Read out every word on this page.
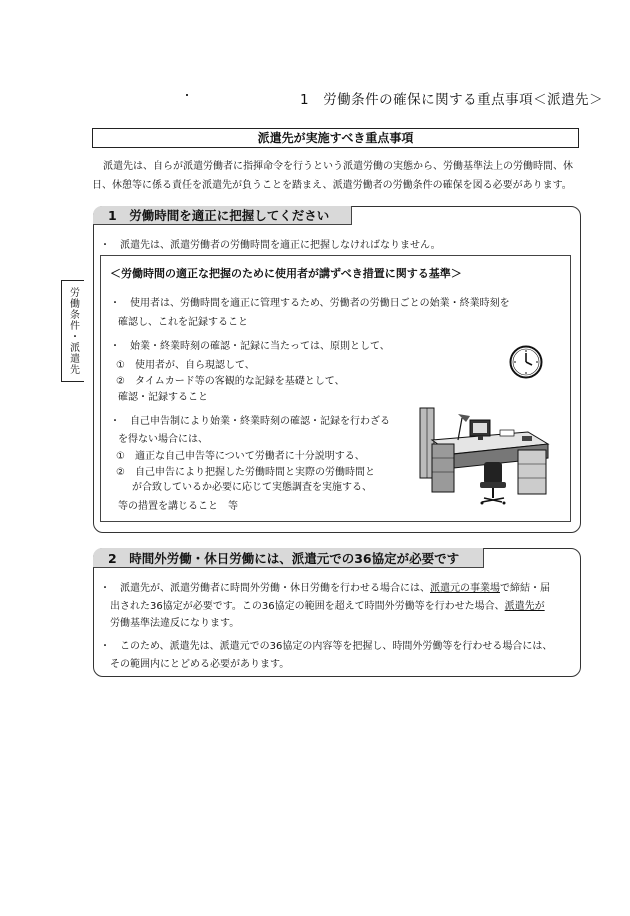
1　労働条件の確保に関する重点事項＜派遣先＞
派遣先が実施すべき重点事項
派遣先は、自らが派遣労働者に指揮命令を行うという派遣労働の実態から、労働基準法上の労働時間、休
日、休憩等に係る責任を派遣先が負うことを踏まえ、派遣労働者の労働条件の確保を図る必要があります。
労働条件・派遣先
1　労働時間を適正に把握してください
・　派遣先は、派遣労働者の労働時間を適正に把握しなければなりません。
＜労働時間の適正な把握のために使用者が講ずべき措置に関する基準＞
・　使用者は、労働時間を適正に管理するため、労働者の労働日ごとの始業・終業時刻を
確認し、これを記録すること
・　始業・終業時刻の確認・記録に当たっては、原則として、
①　使用者が、自ら現認して、
②　タイムカード等の客観的な記録を基礎として、
確認・記録すること
・　自己申告制により始業・終業時刻の確認・記録を行わざる
を得ない場合には、
①　適正な自己申告等について労働者に十分説明する、
②　自己申告により把握した労働時間と実際の労働時間と
が合致しているか必要に応じて実態調査を実施する、
等の措置を講じること　等
2　時間外労働・休日労働には、派遣元での36協定が必要です
・　派遣先が、派遣労働者に時間外労働・休日労働を行わせる場合には、派遣元の事業場で締結・届
出された36協定が必要です。この36協定の範囲を超えて時間外労働等を行わせた場合、派遣先が
労働基準法違反になります。
・　このため、派遣先は、派遣元での36協定の内容等を把握し、時間外労働等を行わせる場合には、
その範囲内にとどめる必要があります。
